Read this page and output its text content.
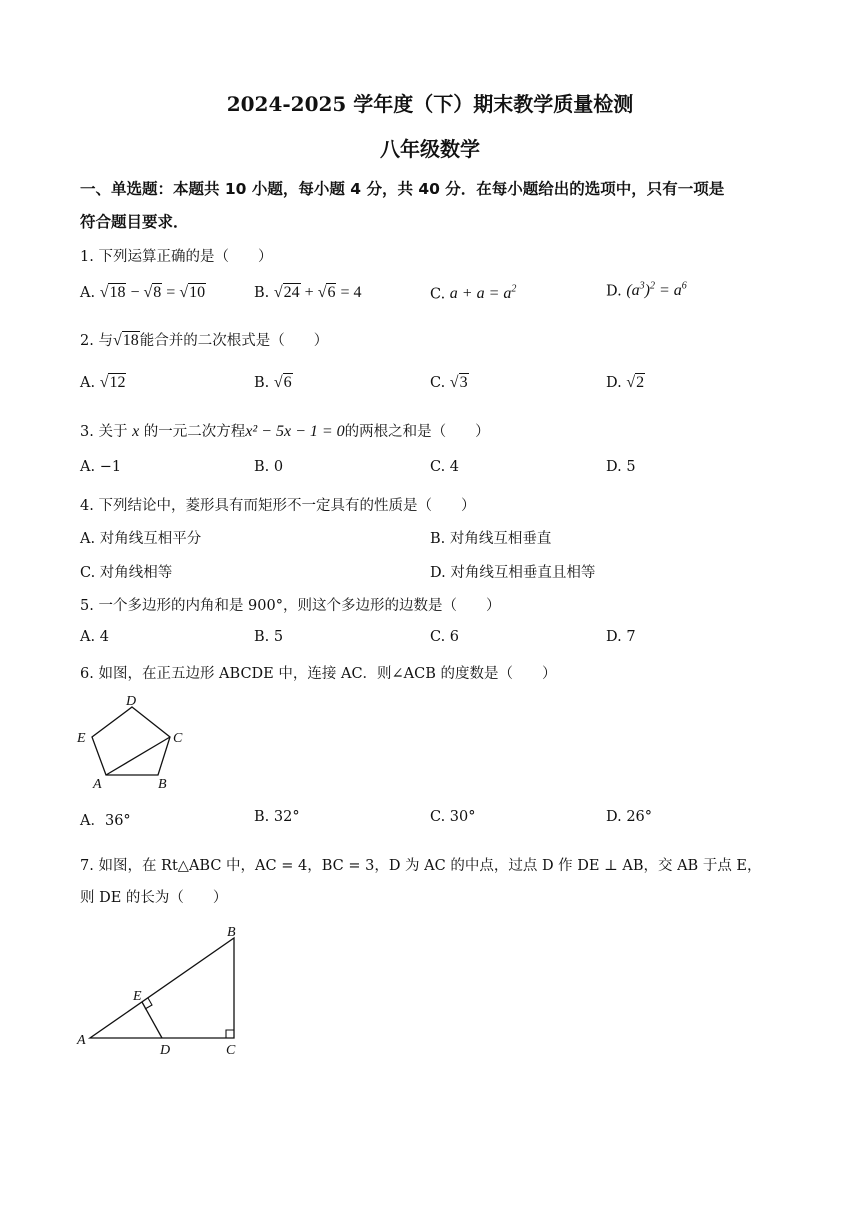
2024-2025 学年度（下）期末教学质量检测
八年级数学
一、单选题：本题共 10 小题，每小题 4 分，共 40 分．在每小题给出的选项中，只有一项是
符合题目要求．
1. 下列运算正确的是（　　）
A. √18 − √8 = √10	B. √24 + √6 = 4	C. $a + a = a^2$	D. $(a^3)^2 = a^6$
2. 与√18能合并的二次根式是（　　）
A. √12	B. √6	C. √3	D. √2
3. 关于 x 的一元二次方程x² − 5x − 1 = 0的两根之和是（　　）
A. −1	B. 0	C. 4	D. 5
4. 下列结论中，菱形具有而矩形不一定具有的性质是（　　）
A. 对角线互相平分	B. 对角线互相垂直
C. 对角线相等	D. 对角线互相垂直且相等
5. 一个多边形的内角和是 900°，则这个多边形的边数是（　　）
A. 4	B. 5	C. 6	D. 7
6. 如图，在正五边形 ABCDE 中，连接 AC．则∠ACB 的度数是（　　）
D
E	C
A	B
A．36°	B. 32°	C. 30°	D. 26°
7. 如图，在 Rt△ABC 中，AC = 4，BC = 3，D 为 AC 的中点，过点 D 作 DE ⊥ AB，交 AB 于点 E，
则 DE 的长为（　　）
B
E
A
D	C
